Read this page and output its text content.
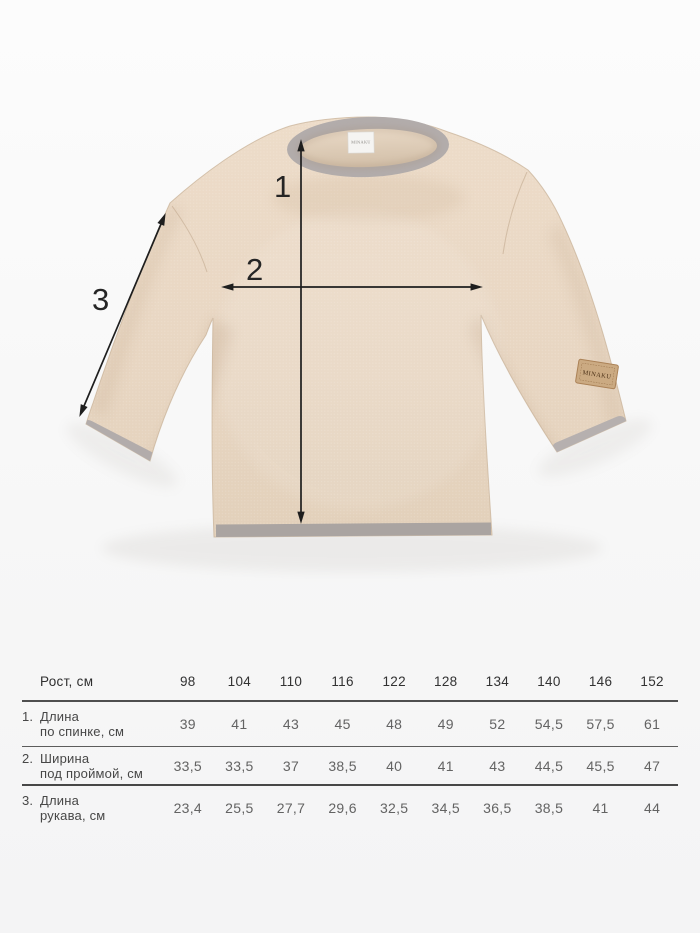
MINAKU
MINAKU
1
2
3
Рост, см	98	104	110	116	122	128	134	140	146	152
1. Длина
по спинке, см	39	41	43	45	48	49	52	54,5	57,5	61
2. Ширина
под проймой, см	33,5	33,5	37	38,5	40	41	43	44,5	45,5	47
3. Длина
рукава, см	23,4	25,5	27,7	29,6	32,5	34,5	36,5	38,5	41	44
